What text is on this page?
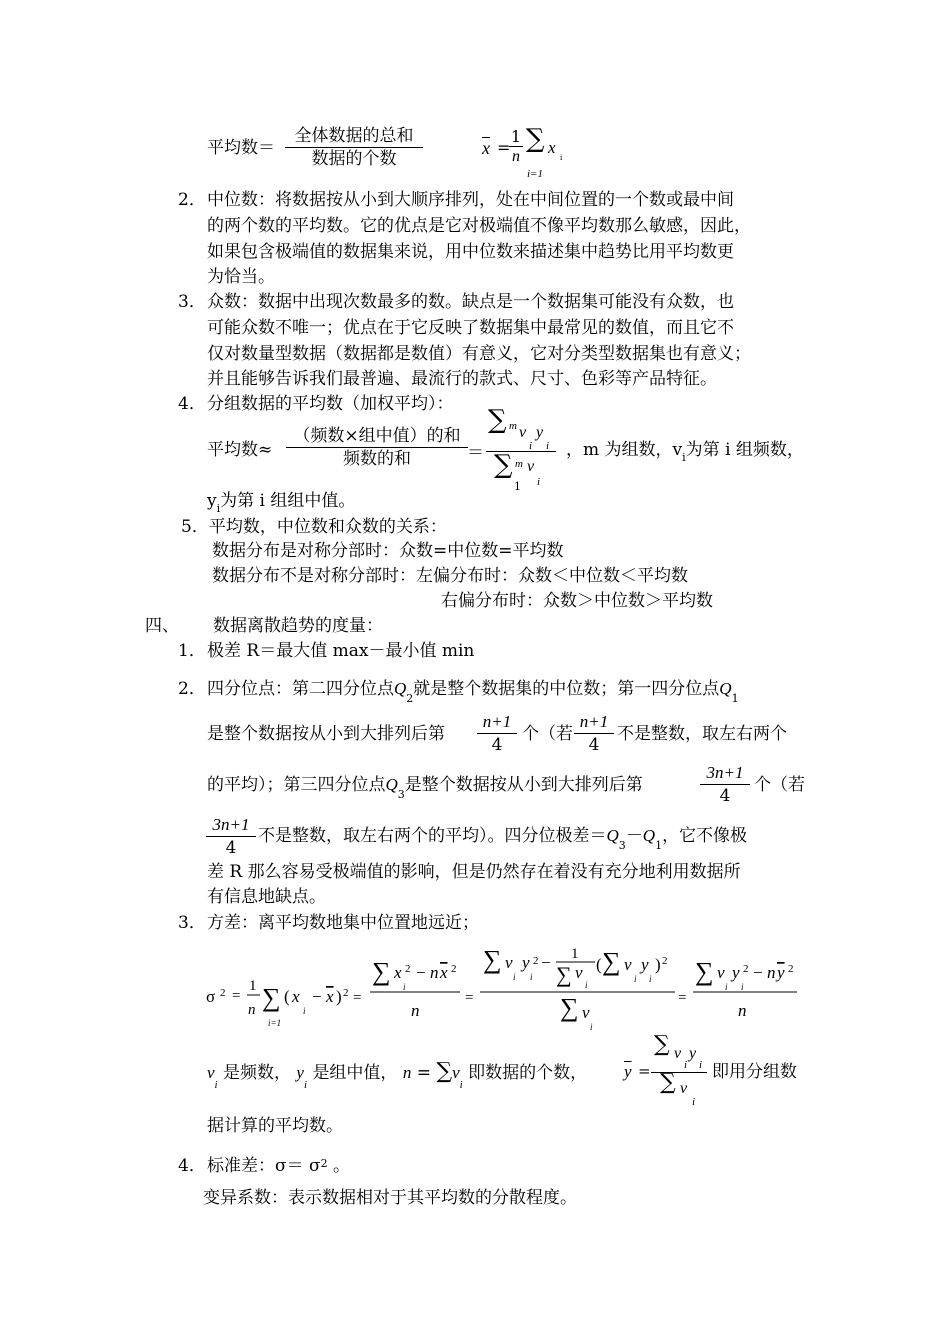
平均数＝
全体数据的总和
数据的个数
$\overline{x}$ =
1
n
∑ x
i
i=1
2． 中位数：将数据按从小到大顺序排列，处在中间位置的一个数或最中间
的两个数的平均数。它的优点是它对极端值不像平均数那么敏感，因此，
如果包含极端值的数据集来说，用中位数来描述集中趋势比用平均数更
为恰当。
3． 众数：数据中出现次数最多的数。缺点是一个数据集可能没有众数，也
可能众数不唯一；优点在于它反映了数据集中最常见的数值，而且它不
仅对数量型数据（数据都是数值）有意义，它对分类型数据集也有意义；
并且能够告诉我们最普遍、最流行的款式、尺寸、色彩等产品特征。
4． 分组数据的平均数（加权平均）：
平均数≈
（频数×组中值）的和
频数的和	＝
∑ m v y
i i
∑ m v
i
1
，m 为组数，$v_i$为第 i 组频数，
$y_i$为第 i 组组中值。
5．平均数，中位数和众数的关系：
数据分布是对称分部时：众数=中位数=平均数
数据分布不是对称分部时：左偏分布时：众数＜中位数＜平均数
右偏分布时：众数＞中位数＞平均数
四、 数据离散趋势的度量：
1． 极差 R＝最大值 max－最小值 min
2． 四分位点：第二四分位点$Q_2$就是整个数据集的中位数；第一四分位点$Q_1$
是整个数据按从小到大排列后第
n+1
4
个（若
n+1
4
不是整数，取左右两个
的平均）；第三四分位点$Q_3$是整个数据按从小到大排列后第
3n+1
4
个（若
3n+1
4
不是整数，取左右两个的平均）。四分位极差$=Q_3-Q_1$，它不像极
差 R 那么容易受极端值的影响，但是仍然存在着没有充分地利用数据所
有信息地缺点。
3． 方差：离平均数地集中位置地远近；
σ 2 =
1
n ∑
i=1
( x
i
− x ) 2 =
∑ x 2
i
− n x 2
n
=
∑ v
i
y 2
i
− 1
∑ v
i
( ∑ v
i
y
i
) 2
∑ v
i
=
∑ v
i
y 2
i
− n y 2
n
$v_i$ 是频数， $y_i$ 是组中值， $n = \sum v_i$ 即数据的个数， $\overline{y}$ =
∑ v y
i i
∑ v
i
即用分组数
据计算的平均数。
4． 标准差：$\sigma= \sigma^2$ 。
变异系数：表示数据相对于其平均数的分散程度。
